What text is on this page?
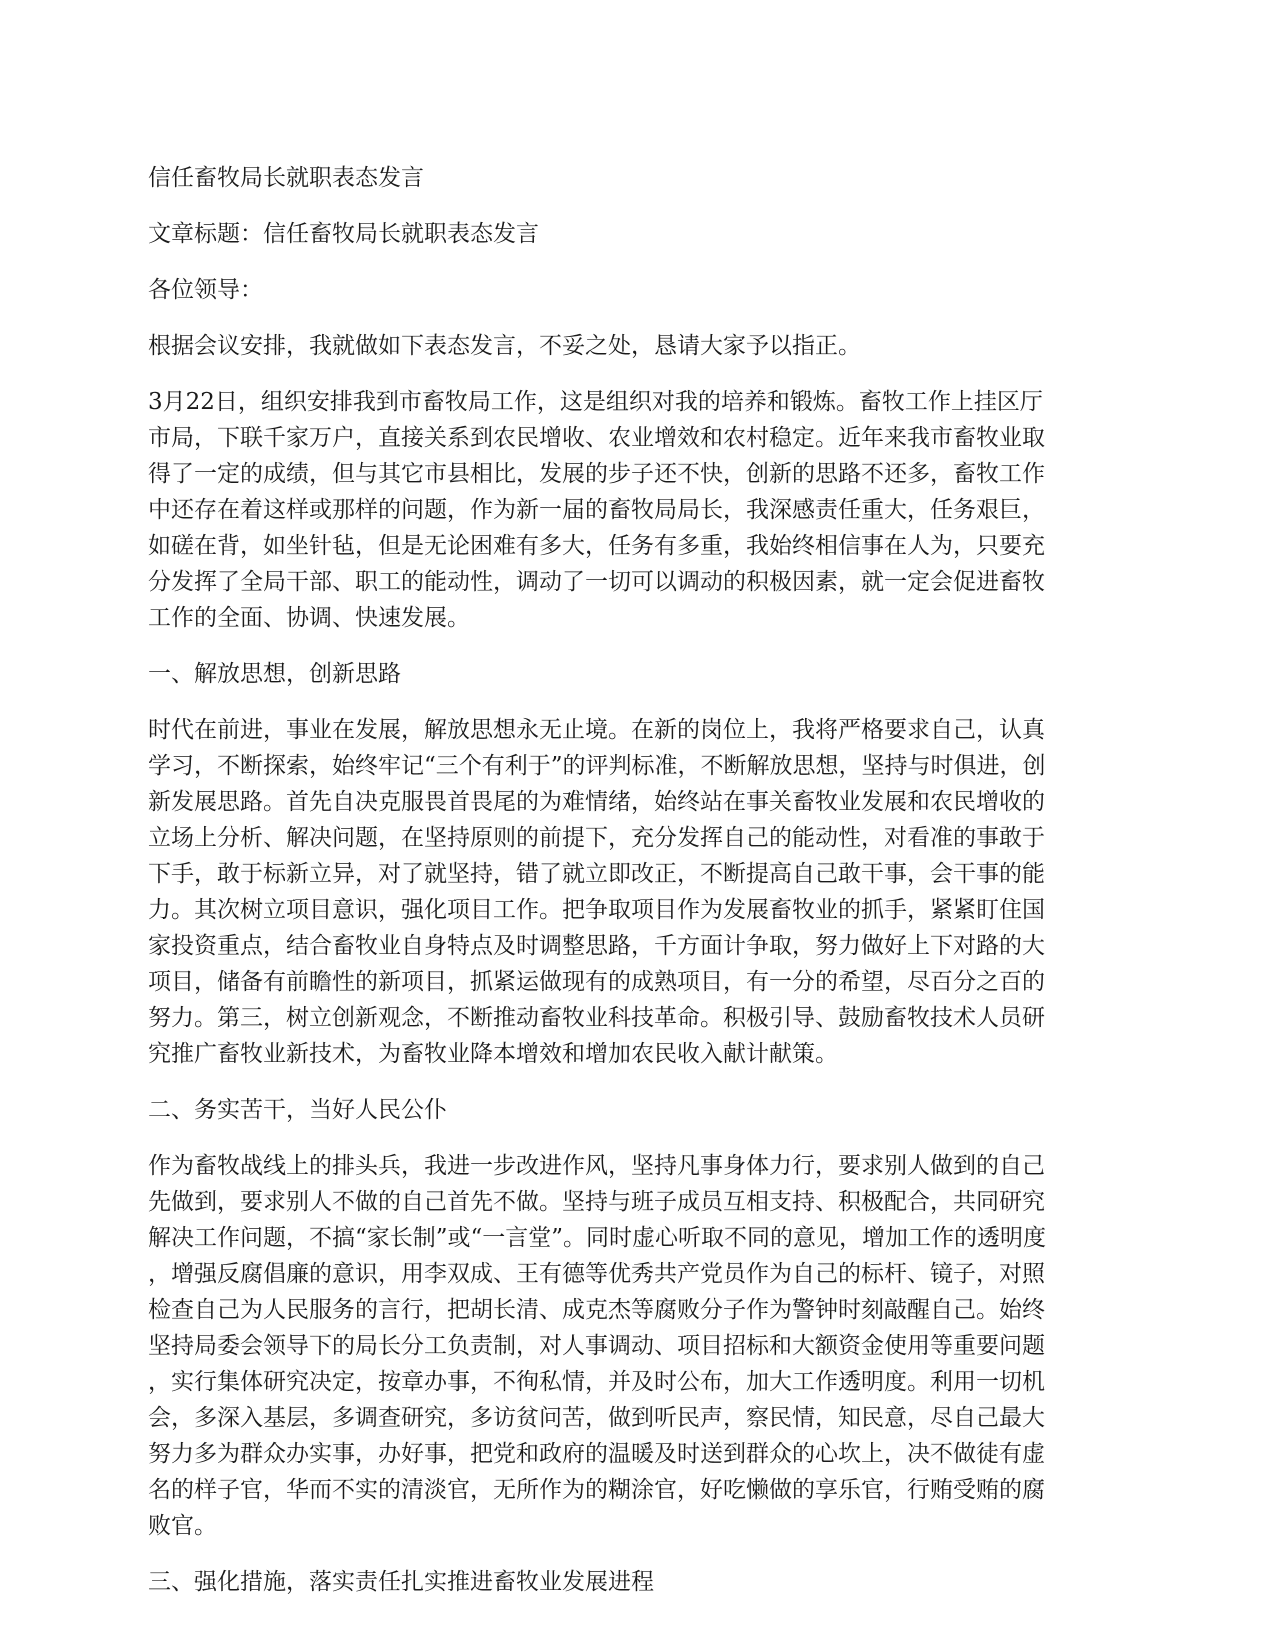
信任畜牧局长就职表态发言

文章标题：信任畜牧局长就职表态发言

各位领导：

根据会议安排，我就做如下表态发言，不妥之处，恳请大家予以指正。

3月22日，组织安排我到市畜牧局工作，这是组织对我的培养和锻炼。畜牧工作上挂区厅
市局，下联千家万户，直接关系到农民增收、农业增效和农村稳定。近年来我市畜牧业取
得了一定的成绩，但与其它市县相比，发展的步子还不快，创新的思路不还多，畜牧工作
中还存在着这样或那样的问题，作为新一届的畜牧局局长，我深感责任重大，任务艰巨，
如磋在背，如坐针毡，但是无论困难有多大，任务有多重，我始终相信事在人为，只要充
分发挥了全局干部、职工的能动性，调动了一切可以调动的积极因素，就一定会促进畜牧
工作的全面、协调、快速发展。

一、解放思想，创新思路

时代在前进，事业在发展，解放思想永无止境。在新的岗位上，我将严格要求自己，认真
学习，不断探索，始终牢记“三个有利于”的评判标准，不断解放思想，坚持与时俱进，创
新发展思路。首先自决克服畏首畏尾的为难情绪，始终站在事关畜牧业发展和农民增收的
立场上分析、解决问题，在坚持原则的前提下，充分发挥自己的能动性，对看准的事敢于
下手，敢于标新立异，对了就坚持，错了就立即改正，不断提高自己敢干事，会干事的能
力。其次树立项目意识，强化项目工作。把争取项目作为发展畜牧业的抓手，紧紧盯住国
家投资重点，结合畜牧业自身特点及时调整思路，千方面计争取，努力做好上下对路的大
项目，储备有前瞻性的新项目，抓紧运做现有的成熟项目，有一分的希望，尽百分之百的
努力。第三，树立创新观念，不断推动畜牧业科技革命。积极引导、鼓励畜牧技术人员研
究推广畜牧业新技术，为畜牧业降本增效和增加农民收入献计献策。

二、务实苦干，当好人民公仆

作为畜牧战线上的排头兵，我进一步改进作风，坚持凡事身体力行，要求别人做到的自己
先做到，要求别人不做的自己首先不做。坚持与班子成员互相支持、积极配合，共同研究
解决工作问题，不搞“家长制”或“一言堂”。同时虚心听取不同的意见，增加工作的透明度
，增强反腐倡廉的意识，用李双成、王有德等优秀共产党员作为自己的标杆、镜子，对照
检查自己为人民服务的言行，把胡长清、成克杰等腐败分子作为警钟时刻敲醒自己。始终
坚持局委会领导下的局长分工负责制，对人事调动、项目招标和大额资金使用等重要问题
，实行集体研究决定，按章办事，不徇私情，并及时公布，加大工作透明度。利用一切机
会，多深入基层，多调查研究，多访贫问苦，做到听民声，察民情，知民意，尽自己最大
努力多为群众办实事，办好事，把党和政府的温暖及时送到群众的心坎上，决不做徒有虚
名的样子官，华而不实的清淡官，无所作为的糊涂官，好吃懒做的享乐官，行贿受贿的腐
败官。

三、强化措施，落实责任扎实推进畜牧业发展进程
